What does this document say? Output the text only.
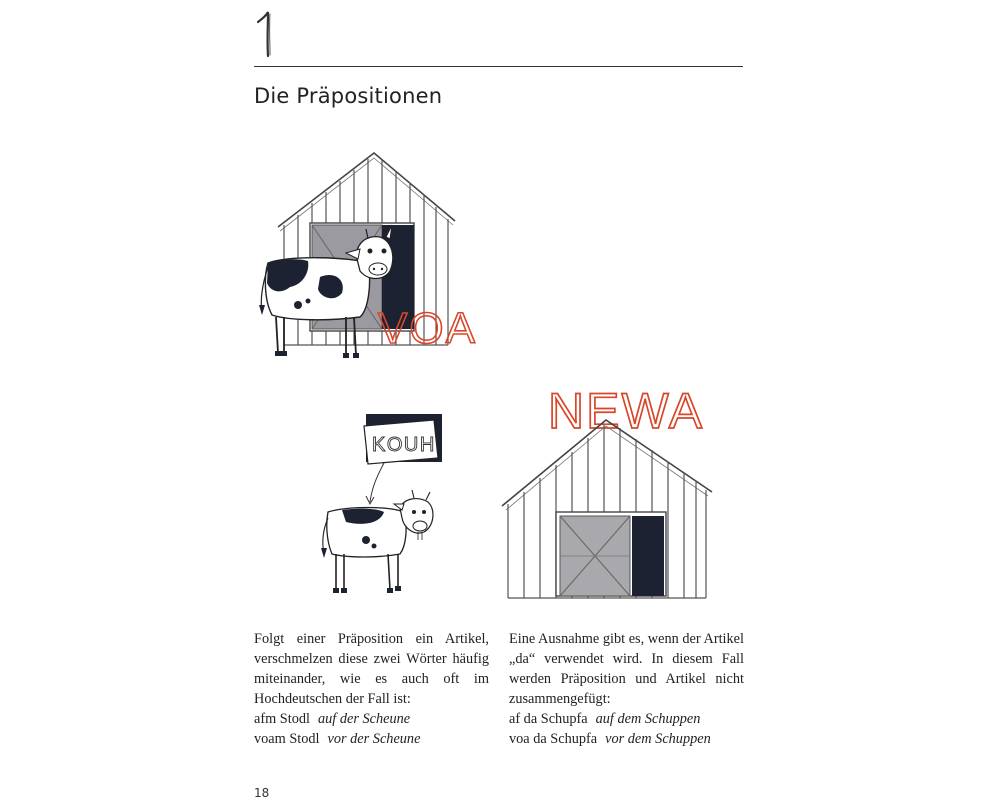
Die Präpositionen
VOA
KOUH
NEWA

Folgt einer Präposition ein Artikel, verschmelzen diese zwei Wörter häufig miteinander, wie es auch oft im Hochdeutschen der Fall ist:

afm Stodl auf der Scheune
voam Stodl vor der Scheune

Eine Ausnahme gibt es, wenn der Artikel „da“ verwendet wird. In diesem Fall werden Präposition und Artikel nicht zusammengefügt:

af da Schupfa auf dem Schuppen
voa da Schupfa vor dem Schuppen
18
